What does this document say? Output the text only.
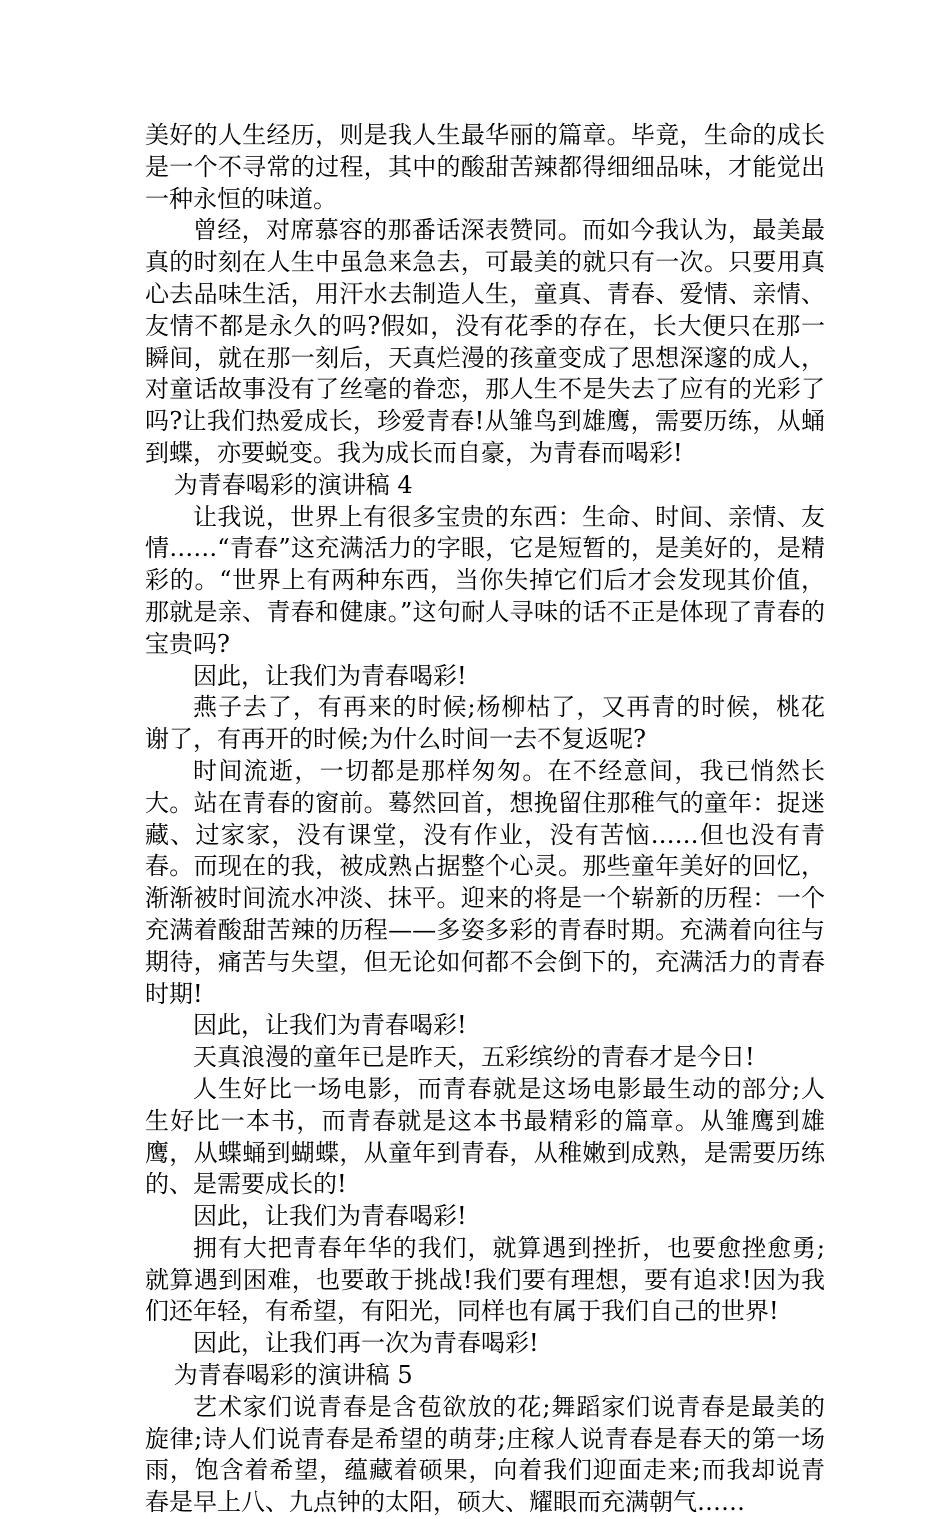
美好的人生经历，则是我人生最华丽的篇章。毕竟，生命的成长是一个不寻常的过程，其中的酸甜苦辣都得细细品味，才能觉出一种永恒的味道。

曾经，对席慕容的那番话深表赞同。而如今我认为，最美最真的时刻在人生中虽急来急去，可最美的就只有一次。只要用真心去品味生活，用汗水去制造人生，童真、青春、爱情、亲情、友情不都是永久的吗?假如，没有花季的存在，长大便只在那一瞬间，就在那一刻后，天真烂漫的孩童变成了思想深邃的成人，对童话故事没有了丝毫的眷恋，那人生不是失去了应有的光彩了吗?让我们热爱成长，珍爱青春!从雏鸟到雄鹰，需要历练，从蛹到蝶，亦要蜕变。我为成长而自豪，为青春而喝彩!

为青春喝彩的演讲稿 4

让我说，世界上有很多宝贵的东西：生命、时间、亲情、友情……“青春”这充满活力的字眼，它是短暂的，是美好的，是精彩的。“世界上有两种东西，当你失掉它们后才会发现其价值，那就是亲、青春和健康。”这句耐人寻味的话不正是体现了青春的宝贵吗?

因此，让我们为青春喝彩!

燕子去了，有再来的时候;杨柳枯了，又再青的时候，桃花谢了，有再开的时候;为什么时间一去不复返呢?

时间流逝，一切都是那样匆匆。在不经意间，我已悄然长大。站在青春的窗前。蓦然回首，想挽留住那稚气的童年：捉迷藏、过家家，没有课堂，没有作业，没有苦恼……但也没有青春。而现在的我，被成熟占据整个心灵。那些童年美好的回忆，渐渐被时间流水冲淡、抹平。迎来的将是一个崭新的历程：一个充满着酸甜苦辣的历程——多姿多彩的青春时期。充满着向往与期待，痛苦与失望，但无论如何都不会倒下的，充满活力的青春时期!

因此，让我们为青春喝彩!

天真浪漫的童年已是昨天，五彩缤纷的青春才是今日!

人生好比一场电影，而青春就是这场电影最生动的部分;人生好比一本书，而青春就是这本书最精彩的篇章。从雏鹰到雄鹰，从蝶蛹到蝴蝶，从童年到青春，从稚嫩到成熟，是需要历练的、是需要成长的!

因此，让我们为青春喝彩!

拥有大把青春年华的我们，就算遇到挫折，也要愈挫愈勇;就算遇到困难，也要敢于挑战!我们要有理想，要有追求!因为我们还年轻，有希望，有阳光，同样也有属于我们自己的世界!

因此，让我们再一次为青春喝彩!

为青春喝彩的演讲稿 5

艺术家们说青春是含苞欲放的花;舞蹈家们说青春是最美的旋律;诗人们说青春是希望的萌芽;庄稼人说青春是春天的第一场雨，饱含着希望，蕴藏着硕果，向着我们迎面走来;而我却说青春是早上八、九点钟的太阳，硕大、耀眼而充满朝气……
